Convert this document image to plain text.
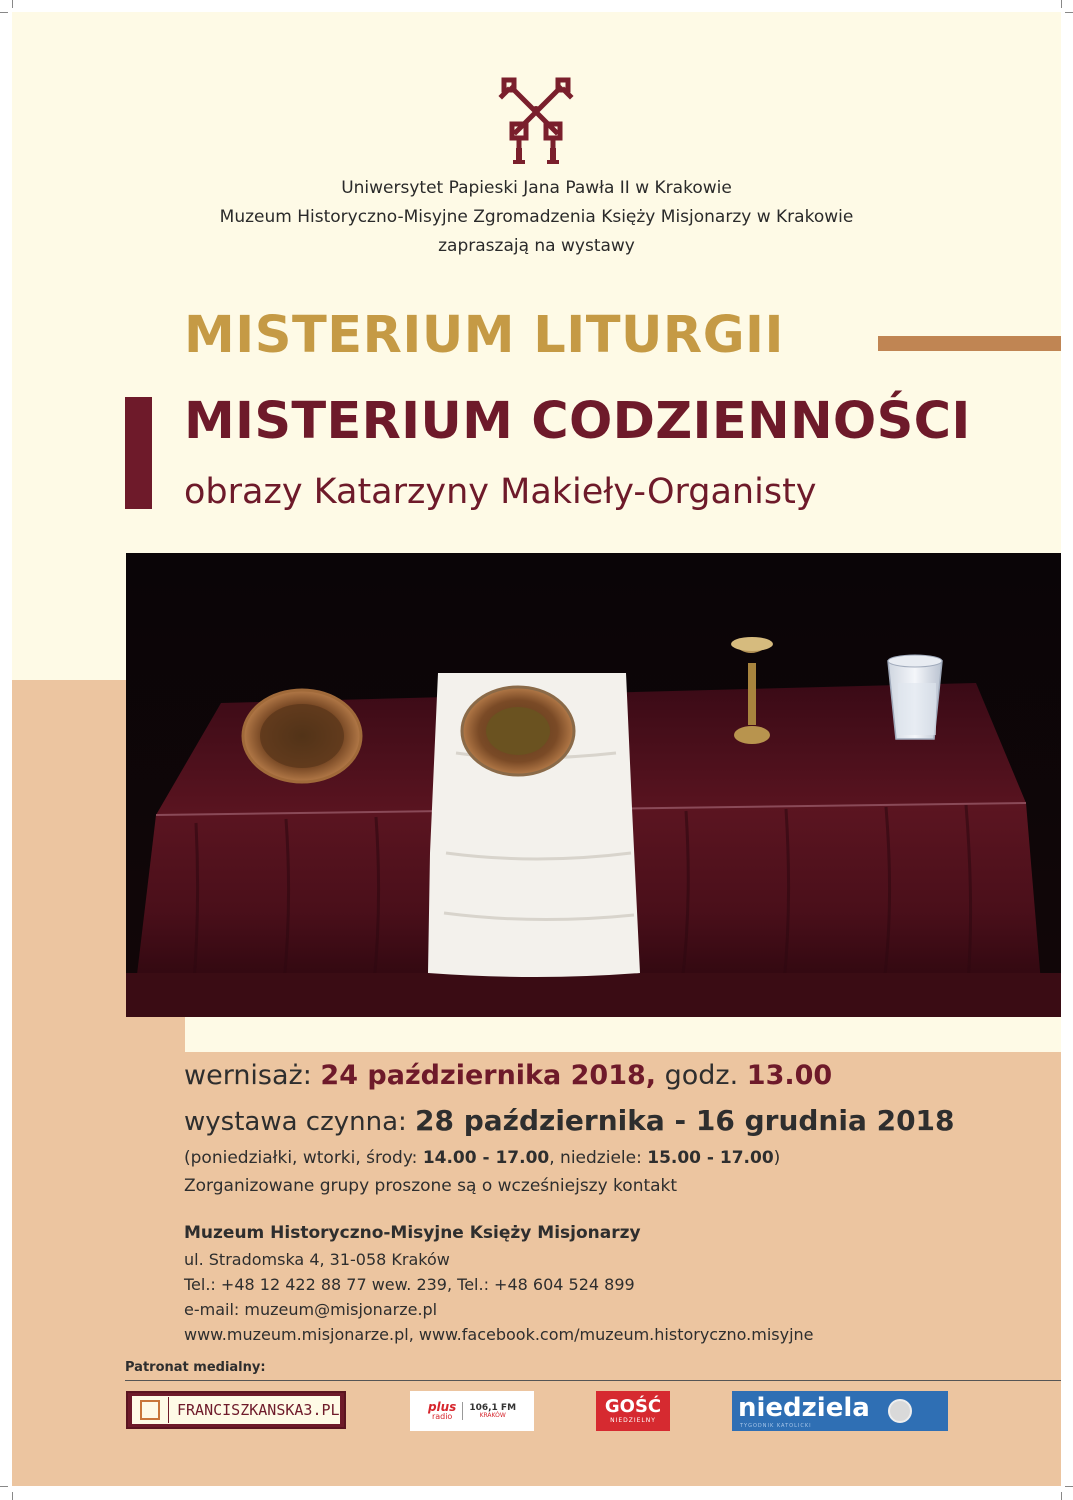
Uniwersytet Papieski Jana Pawła II w Krakowie
Muzeum Historyczno-Misyjne Zgromadzenia Księży Misjonarzy w Krakowie
zapraszają na wystawy
MISTERIUM LITURGII
MISTERIUM CODZIENNOŚCI
obrazy Katarzyny Makieły-Organisty
wernisaż: 24 października 2018, godz. 13.00
wystawa czynna: 28 października - 16 grudnia 2018
(poniedziałki, wtorki, środy: 14.00 - 17.00, niedziele: 15.00 - 17.00)
Zorganizowane grupy proszone są o wcześniejszy kontakt
Muzeum Historyczno-Misyjne Księży Misjonarzy
ul. Stradomska 4, 31-058 Kraków
Tel.: +48 12 422 88 77 wew. 239, Tel.: +48 604 524 899
e-mail: muzeum@misjonarze.pl
www.muzeum.misjonarze.pl, www.facebook.com/muzeum.historyczno.misyjne
Patronat medialny:
FRANCISZKANSKA3.PL	plus
radio
106,1 FM
KRAKÓW	GOŚĆ
NIEDZIELNY	niedziela
TYGODNIK KATOLICKI
